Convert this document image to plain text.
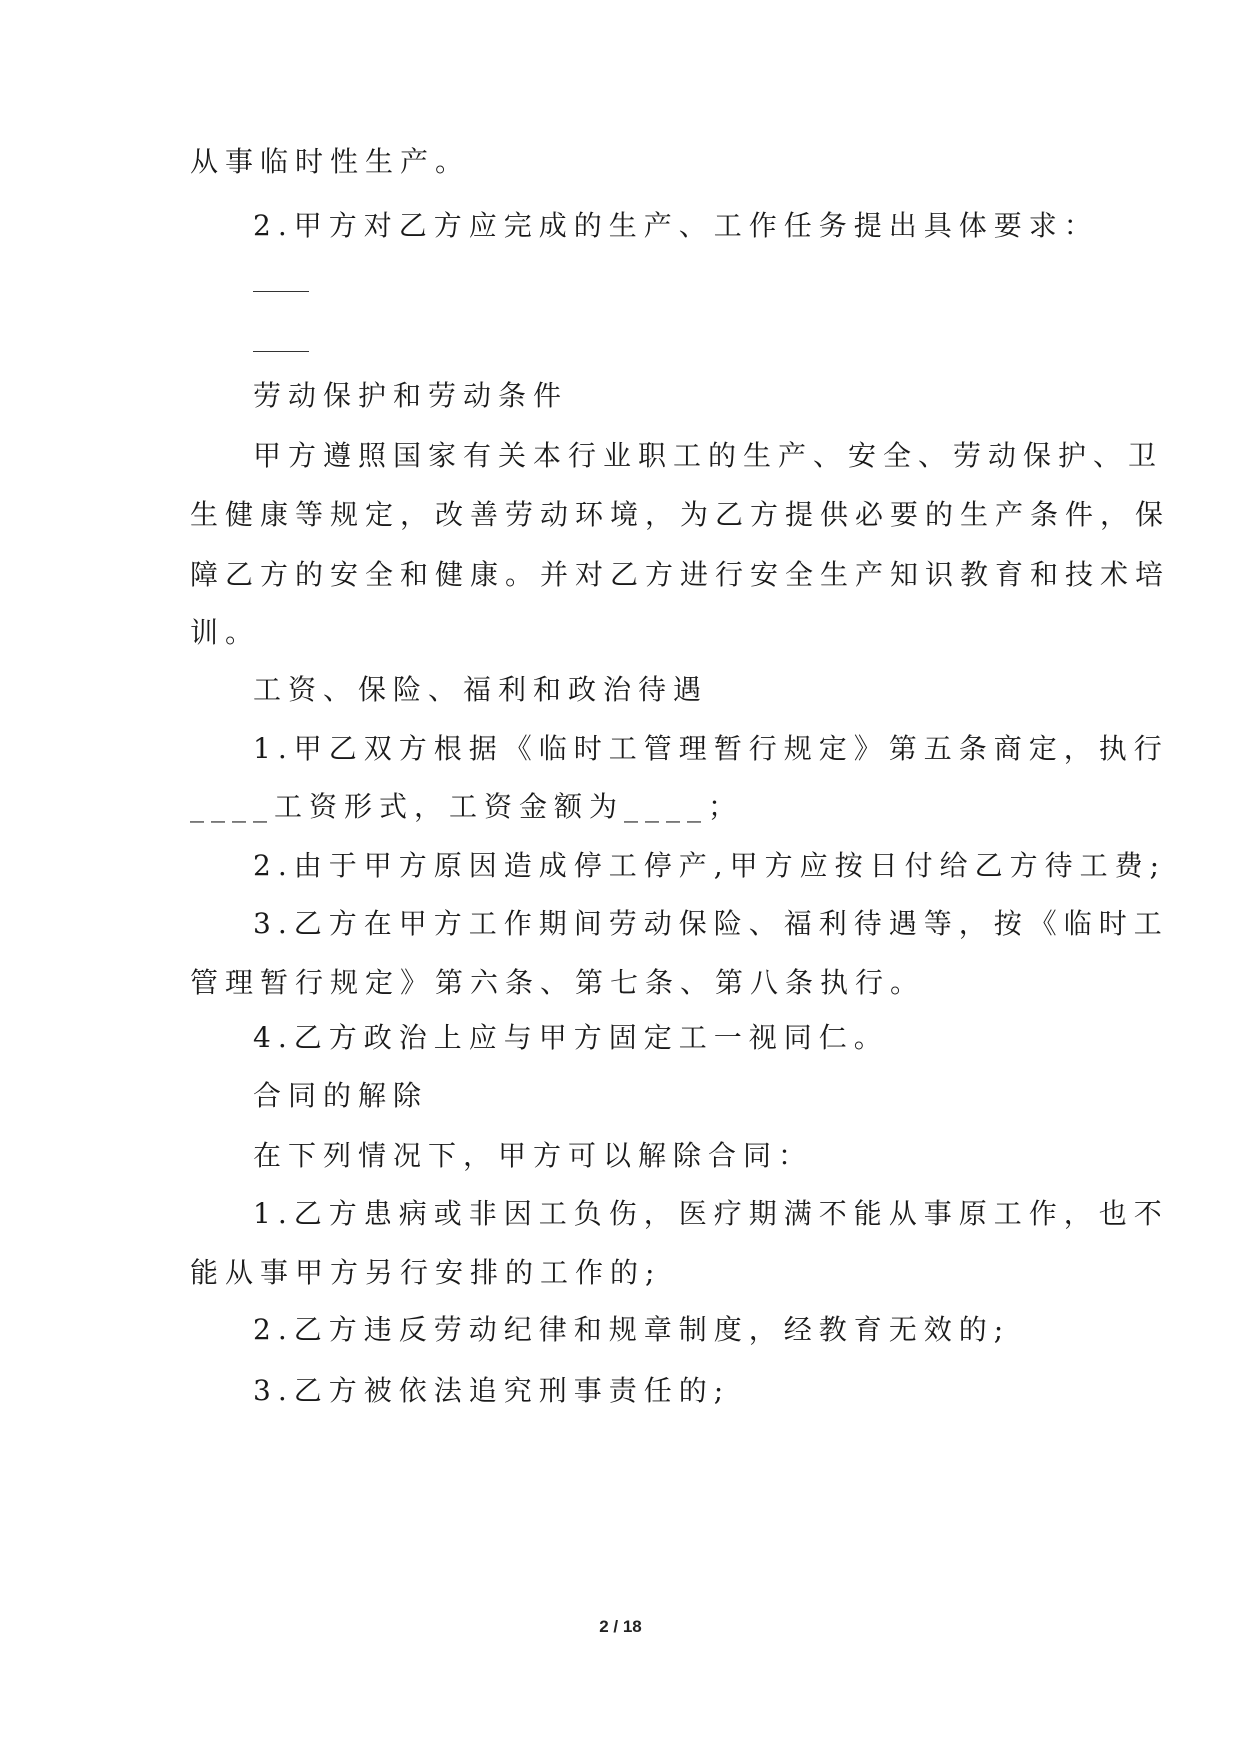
从事临时性生产。

2.甲方对乙方应完成的生产、工作任务提出具体要求：

劳动保护和劳动条件

甲方遵照国家有关本行业职工的生产、安全、劳动保护、卫

生健康等规定，改善劳动环境，为乙方提供必要的生产条件，保

障乙方的安全和健康。并对乙方进行安全生产知识教育和技术培

训。

工资、保险、福利和政治待遇

1.甲乙双方根据《临时工管理暂行规定》第五条商定，执行

____工资形式，工资金额为____；

2.由于甲方原因造成停工停产,甲方应按日付给乙方待工费;

3.乙方在甲方工作期间劳动保险、福利待遇等，按《临时工

管理暂行规定》第六条、第七条、第八条执行。

4.乙方政治上应与甲方固定工一视同仁。

合同的解除

在下列情况下，甲方可以解除合同：

1.乙方患病或非因工负伤，医疗期满不能从事原工作，也不

能从事甲方另行安排的工作的;

2.乙方违反劳动纪律和规章制度，经教育无效的;

3.乙方被依法追究刑事责任的;

2 / 18
